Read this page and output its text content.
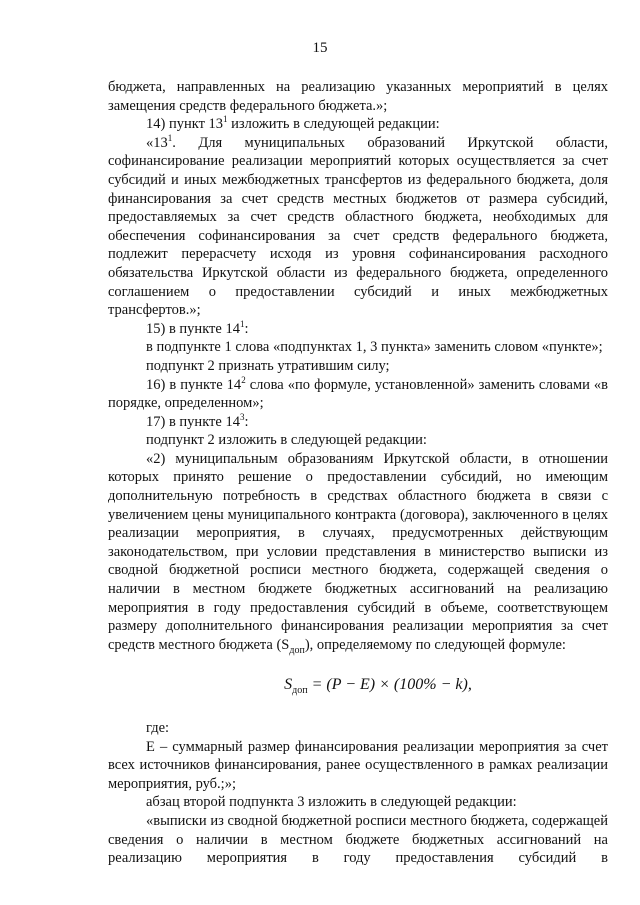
15

бюджета, направленных на реализацию указанных мероприятий в целях замещения средств федерального бюджета.»;

14) пункт $13^1$ изложить в следующей редакции:

«$13^1$. Для муниципальных образований Иркутской области, софинансирование реализации мероприятий которых осуществляется за счет субсидий и иных межбюджетных трансфертов из федерального бюджета, доля финансирования за счет средств местных бюджетов от размера субсидий, предоставляемых за счет средств областного бюджета, необходимых для обеспечения софинансирования за счет средств федерального бюджета, подлежит перерасчету исходя из уровня софинансирования расходного обязательства Иркутской области из федерального бюджета, определенного соглашением о предоставлении субсидий и иных межбюджетных трансфертов.»;

15) в пункте $14^1$:

в подпункте 1 слова «подпунктах 1, 3 пункта» заменить словом «пункте»;

подпункт 2 признать утратившим силу;

16) в пункте $14^2$ слова «по формуле, установленной» заменить словами «в порядке, определенном»;

17) в пункте $14^3$:

подпункт 2 изложить в следующей редакции:

«2) муниципальным образованиям Иркутской области, в отношении которых принято решение о предоставлении субсидий, но имеющим дополнительную потребность в средствах областного бюджета в связи с увеличением цены муниципального контракта (договора), заключенного в целях реализации мероприятия, в случаях, предусмотренных действующим законодательством, при условии представления в министерство выписки из сводной бюджетной росписи местного бюджета, содержащей сведения о наличии в местном бюджете бюджетных ассигнований на реализацию мероприятия в году предоставления субсидий в объеме, соответствующем размеру дополнительного финансирования реализации мероприятия за счет средств местного бюджета $(S_{доп})$, определяемому по следующей формуле:

$S_{доп} = (P - E) \times (100\% - k)$,

где:

E – суммарный размер финансирования реализации мероприятия за счет всех источников финансирования, ранее осуществленного в рамках реализации мероприятия, руб.;»;

абзац второй подпункта 3 изложить в следующей редакции:

«выписки из сводной бюджетной росписи местного бюджета, содержащей сведения о наличии в местном бюджете бюджетных ассигнований на реализацию мероприятия в году предоставления субсидий в
